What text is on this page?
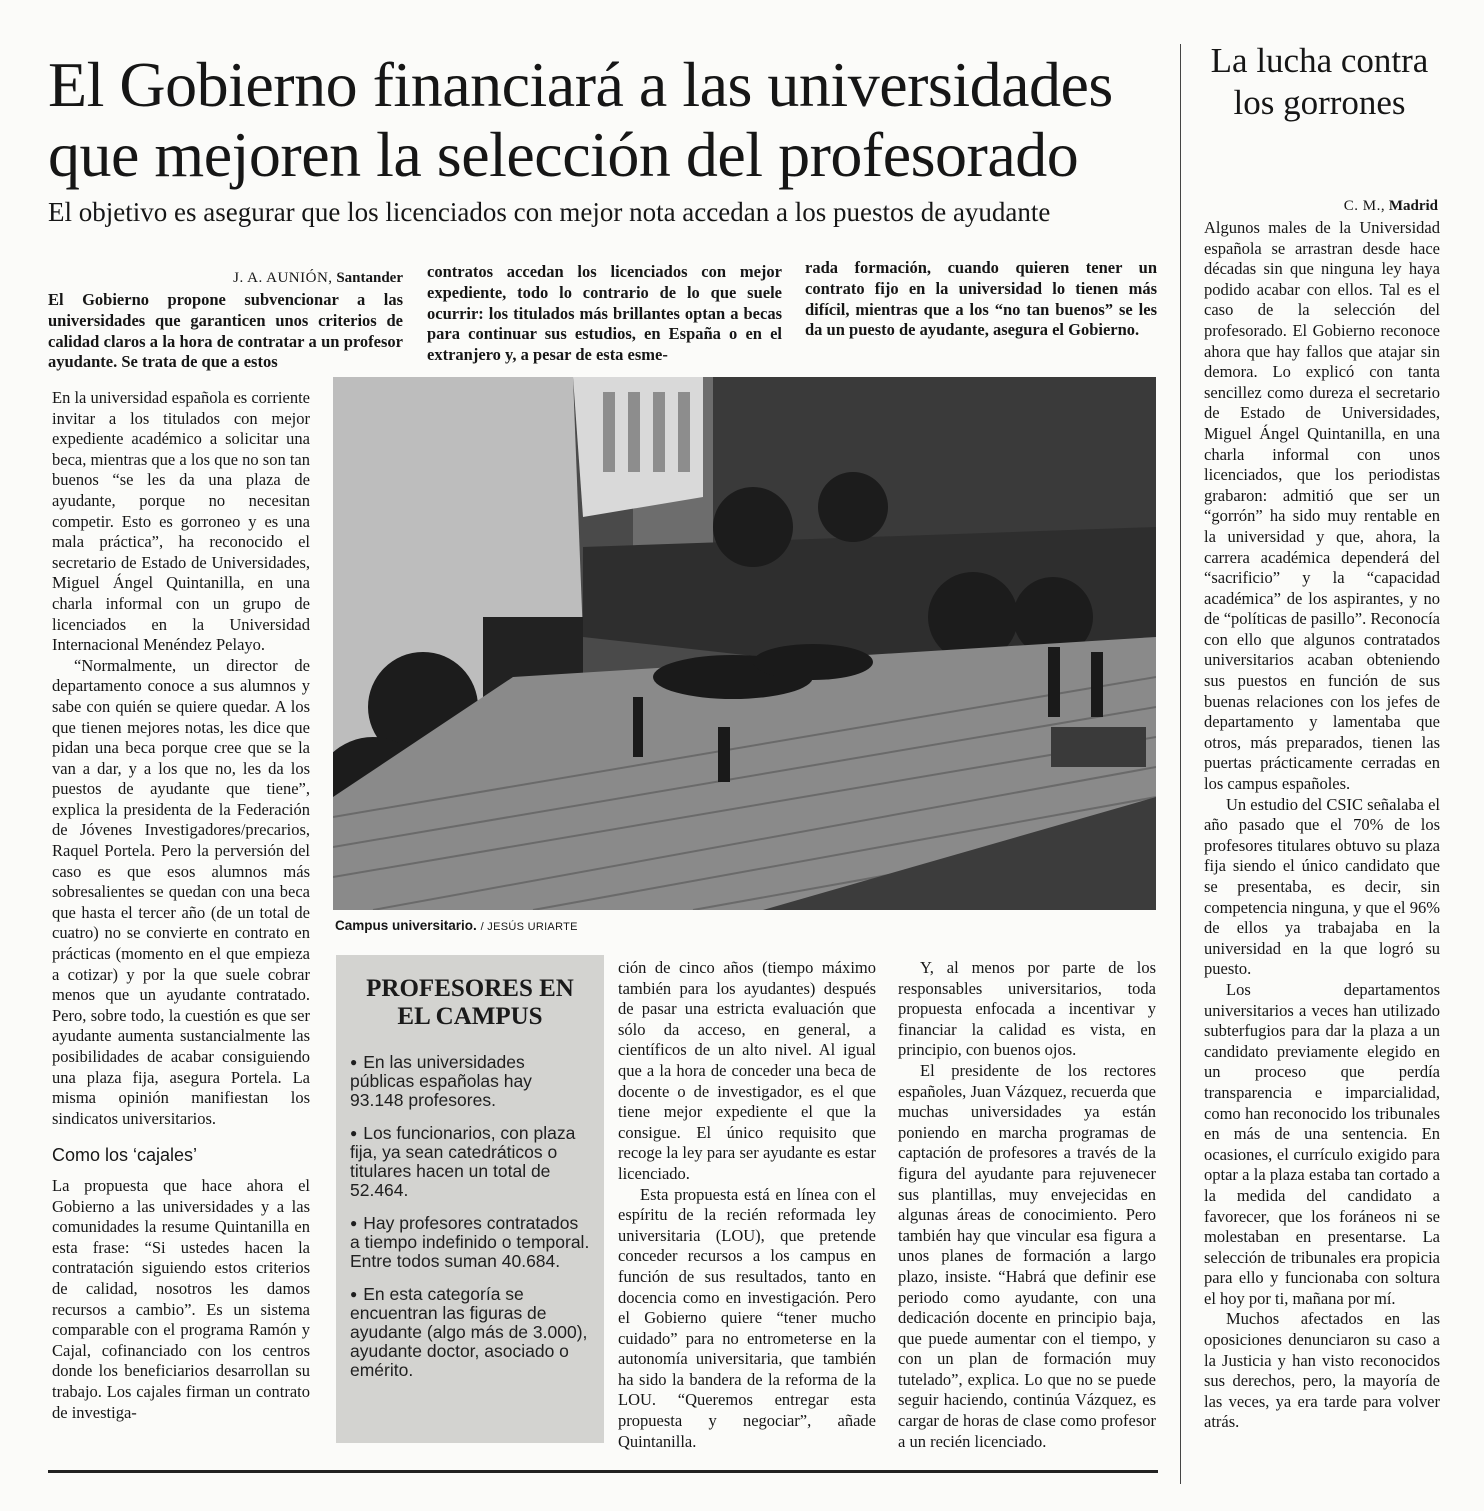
El Gobierno financiará a las universidades
que mejoren la selección del profesorado
El objetivo es asegurar que los licenciados con mejor nota accedan a los puestos de ayudante
J. A. AUNIÓN, Santander
El Gobierno propone subvencionar a las universidades que garanticen unos criterios de calidad claros a la hora de contratar a un profesor ayudante. Se trata de que a estos
contratos accedan los licenciados con mejor expediente, todo lo contrario de lo que suele ocurrir: los titulados más brillantes optan a becas para continuar sus estudios, en España o en el extranjero y, a pesar de esta esme-
rada formación, cuando quieren tener un contrato fijo en la universidad lo tienen más difícil, mientras que a los “no tan buenos” se les da un puesto de ayudante, asegura el Gobierno.

En la universidad española es corriente invitar a los titulados con mejor expediente académico a solicitar una beca, mientras que a los que no son tan buenos “se les da una plaza de ayudante, porque no necesitan competir. Esto es gorroneo y es una mala práctica”, ha reconocido el secretario de Estado de Universidades, Miguel Ángel Quintanilla, en una charla informal con un grupo de licenciados en la Universidad Internacional Menéndez Pelayo.

“Normalmente, un director de departamento conoce a sus alumnos y sabe con quién se quiere quedar. A los que tienen mejores notas, les dice que pidan una beca porque cree que se la van a dar, y a los que no, les da los puestos de ayudante que tiene”, explica la presidenta de la Federación de Jóvenes Investigadores/precarios, Raquel Portela. Pero la perversión del caso es que esos alumnos más sobresalientes se quedan con una beca que hasta el tercer año (de un total de cuatro) no se convierte en contrato en prácticas (momento en el que empieza a cotizar) y por la que suele cobrar menos que un ayudante contratado. Pero, sobre todo, la cuestión es que ser ayudante aumenta sustancialmente las posibilidades de acabar consiguiendo una plaza fija, asegura Portela. La misma opinión manifiestan los sindicatos universitarios.

Como los ‘cajales’

La propuesta que hace ahora el Gobierno a las universidades y a las comunidades la resume Quintanilla en esta frase: “Si ustedes hacen la contratación siguiendo estos criterios de calidad, nosotros les damos recursos a cambio”. Es un sistema comparable con el programa Ramón y Cajal, cofinanciado con los centros donde los beneficiarios desarrollan su trabajo. Los cajales firman un contrato de investiga-

Campus universitario. / JESÚS URIARTE
PROFESORES EN EL CAMPUS
● En las universidades públicas españolas hay 93.148 profesores.
● Los funcionarios, con plaza fija, ya sean catedráticos o titulares hacen un total de 52.464.
● Hay profesores contratados a tiempo indefinido o temporal. Entre todos suman 40.684.
● En esta categoría se encuentran las figuras de ayudante (algo más de 3.000), ayudante doctor, asociado o emérito.

ción de cinco años (tiempo máximo también para los ayudantes) después de pasar una estricta evaluación que sólo da acceso, en general, a científicos de un alto nivel. Al igual que a la hora de conceder una beca de docente o de investigador, es el que tiene mejor expediente el que la consigue. El único requisito que recoge la ley para ser ayudante es estar licenciado.

Esta propuesta está en línea con el espíritu de la recién reformada ley universitaria (LOU), que pretende conceder recursos a los campus en función de sus resultados, tanto en docencia como en investigación. Pero el Gobierno quiere “tener mucho cuidado” para no entrometerse en la autonomía universitaria, que también ha sido la bandera de la reforma de la LOU. “Queremos entregar esta propuesta y negociar”, añade Quintanilla.

Y, al menos por parte de los responsables universitarios, toda propuesta enfocada a incentivar y financiar la calidad es vista, en principio, con buenos ojos.

El presidente de los rectores españoles, Juan Vázquez, recuerda que muchas universidades ya están poniendo en marcha programas de captación de profesores a través de la figura del ayudante para rejuvenecer sus plantillas, muy envejecidas en algunas áreas de conocimiento. Pero también hay que vincular esa figura a unos planes de formación a largo plazo, insiste. “Habrá que definir ese periodo como ayudante, con una dedicación docente en principio baja, que puede aumentar con el tiempo, y con un plan de formación muy tutelado”, explica. Lo que no se puede seguir haciendo, continúa Vázquez, es cargar de horas de clase como profesor a un recién licenciado.

La lucha contra los gorrones
C. M., Madrid

Algunos males de la Universidad española se arrastran desde hace décadas sin que ninguna ley haya podido acabar con ellos. Tal es el caso de la selección del profesorado. El Gobierno reconoce ahora que hay fallos que atajar sin demora. Lo explicó con tanta sencillez como dureza el secretario de Estado de Universidades, Miguel Ángel Quintanilla, en una charla informal con unos licenciados, que los periodistas grabaron: admitió que ser un “gorrón” ha sido muy rentable en la universidad y que, ahora, la carrera académica dependerá del “sacrificio” y la “capacidad académica” de los aspirantes, y no de “políticas de pasillo”. Reconocía con ello que algunos contratados universitarios acaban obteniendo sus puestos en función de sus buenas relaciones con los jefes de departamento y lamentaba que otros, más preparados, tienen las puertas prácticamente cerradas en los campus españoles.

Un estudio del CSIC señalaba el año pasado que el 70% de los profesores titulares obtuvo su plaza fija siendo el único candidato que se presentaba, es decir, sin competencia ninguna, y que el 96% de ellos ya trabajaba en la universidad en la que logró su puesto.

Los departamentos universitarios a veces han utilizado subterfugios para dar la plaza a un candidato previamente elegido en un proceso que perdía transparencia e imparcialidad, como han reconocido los tribunales en más de una sentencia. En ocasiones, el currículo exigido para optar a la plaza estaba tan cortado a la medida del candidato a favorecer, que los foráneos ni se molestaban en presentarse. La selección de tribunales era propicia para ello y funcionaba con soltura el hoy por ti, mañana por mí.

Muchos afectados en las oposiciones denunciaron su caso a la Justicia y han visto reconocidos sus derechos, pero, la mayoría de las veces, ya era tarde para volver atrás.
